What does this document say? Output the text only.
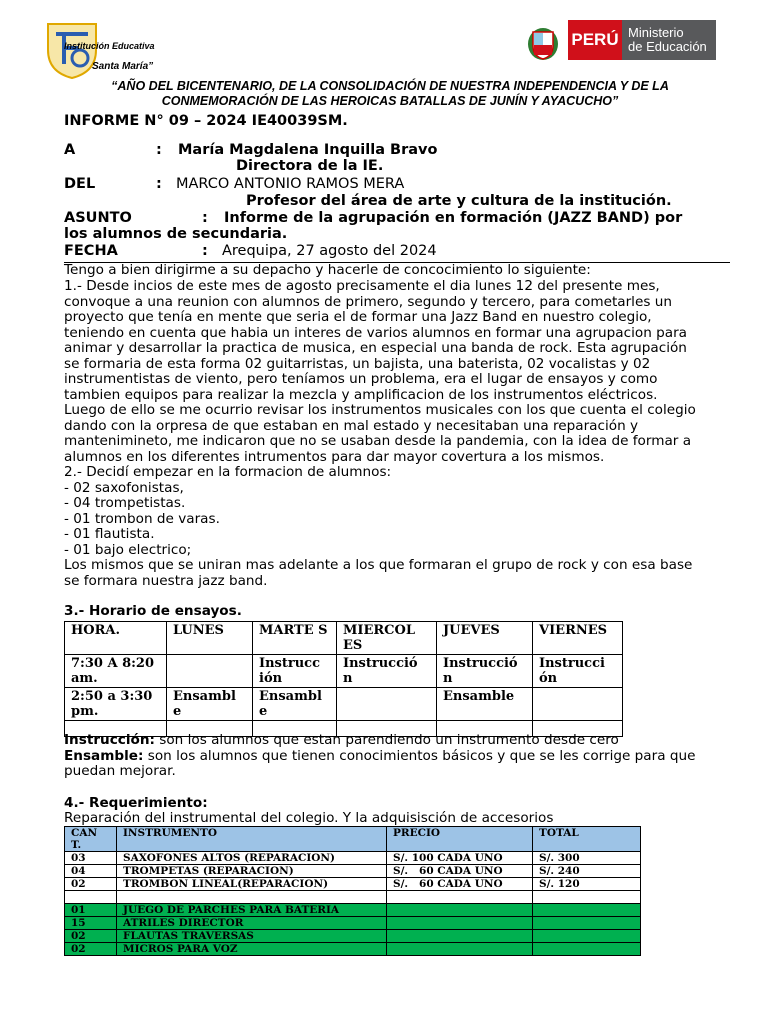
Institución Educativa
Santa María”
PERÚ Ministerio
de Educación
“AÑO DEL BICENTENARIO, DE LA CONSOLIDACIÓN DE NUESTRA INDEPENDENCIA Y DE LA
CONMEMORACIÓN DE LAS HEROICAS BATALLAS DE JUNÍN Y AYACUCHO”
INFORME N° 09 – 2024 IE40039SM.
A	: María Magdalena Inquilla Bravo
Directora de la IE.
DEL	: MARCO ANTONIO RAMOS MERA
Profesor del área de arte y cultura de la institución.
ASUNTO	: Informe de la agrupación en formación (JAZZ BAND) por
los alumnos de secundaria.
FECHA	: Arequipa, 27 agosto del 2024
Tengo a bien dirigirme a su depacho y hacerle de concocimiento lo siguiente:
1.- Desde incios de este mes de agosto precisamente el dia lunes 12 del presente mes,
convoque a una reunion con alumnos de primero, segundo y tercero, para cometarles un
proyecto que tenía en mente que seria el de formar una Jazz Band en nuestro colegio,
teniendo en cuenta que habia un interes de varios alumnos en formar una agrupacion para
animar y desarrollar la practica de musica, en especial una banda de rock. Esta agrupación
se formaria de esta forma 02 guitarristas, un bajista, una baterista, 02 vocalistas y 02
instrumentistas de viento, pero teníamos un problema, era el lugar de ensayos y como
tambien equipos para realizar la mezcla y amplificacion de los instrumentos eléctricos.
Luego de ello se me ocurrio revisar los instrumentos musicales con los que cuenta el colegio
dando con la orpresa de que estaban en mal estado y necesitaban una reparación y
mantenimineto, me indicaron que no se usaban desde la pandemia, con la idea de formar a
alumnos en los diferentes intrumentos para dar mayor covertura a los mismos.
2.- Decidí empezar en la formacion de alumnos:
- 02 saxofonistas,
- 04 trompetistas.
- 01 trombon de varas.
- 01 flautista.
- 01 bajo electrico;
Los mismos que se uniran mas adelante a los que formaran el grupo de rock y con esa base
se formara nuestra jazz band.
3.- Horario de ensayos.
HORA.	LUNES	MARTE S	MIERCOL ES	JUEVES	VIERNES
7:30 A 8:20 am.		Instrucc ión	Instrucció n	Instrucció n	Instrucci ón
2:50 a 3:30 pm.	Ensambl e	Ensambl e		Ensamble	

Instrucción: son los alumnos que estan parendiendo un instrumento desde cero
Ensamble: son los alumnos que tienen conocimientos básicos y que se les corrige para que
puedan mejorar.
4.- Requerimiento:
Reparación del instrumental del colegio. Y la adquisisción de accesorios
CAN T.	INSTRUMENTO	PRECIO	TOTAL
03	SAXOFONES ALTOS (REPARACION)	S/. 100 CADA UNO	S/. 300
04	TROMPETAS (REPARACION)	S/.   60 CADA UNO	S/. 240
02	TROMBON LINEAL(REPARACION)	S/.   60 CADA UNO	S/. 120

01	JUEGO DE PARCHES PARA BATERIA		
15	ATRILES DIRECTOR		
02	FLAUTAS TRAVERSAS		
02	MICROS PARA VOZ		
